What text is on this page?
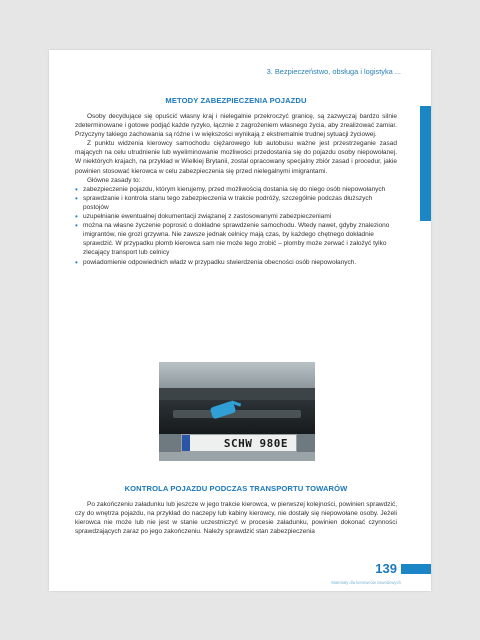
3. Bezpieczeństwo, obsługa i logistyka ...
METODY ZABEZPIECZENIA POJAZDU

Osoby decydujące się opuścić własny kraj i nielegalnie przekroczyć granicę, są zazwyczaj bardzo silnie zdeterminowane i gotowe podjąć każde ryzyko, łącznie z zagrożeniem własnego życia, aby zrealizować zamiar. Przyczyny takiego zachowania są różne i w większości wynikają z ekstremalnie trudnej sytuacji życiowej.

Z punktu widzenia kierowcy samochodu ciężarowego lub autobusu ważne jest przestrzeganie zasad mających na celu utrudnienie lub wyeliminowanie możliwości przedostania się do pojazdu osoby niepowołanej. W niektórych krajach, na przykład w Wielkiej Brytanii, został opracowany specjalny zbiór zasad i procedur, jakie powinien stosować kierowca w celu zabezpieczenia się przed nielegalnymi imigrantami.

Główne zasady to:

• zabezpieczenie pojazdu, którym kierujemy, przed możliwością dostania się do niego osób niepowołanych
• sprawdzanie i kontrola stanu tego zabezpieczenia w trakcie podróży, szczególnie podczas dłuższych postojów
• uzupełnianie ewentualnej dokumentacji związanej z zastosowanymi zabezpieczeniami
• można na własne życzenie poprosić o dokładne sprawdzenie samochodu. Wtedy nawet, gdyby znaleziono imigrantów, nie grozi grzywna. Nie zawsze jednak celnicy mają czas, by każdego chętnego dokładnie sprawdzić. W przypadku plomb kierowca sam nie może tego zrobić – plomby może zerwać i założyć tylko zlecający transport lub celnicy
• powiadomienie odpowiednich władz w przypadku stwierdzenia obecności osób niepowołanych.
SCHW 980E
KONTROLA POJAZDU PODCZAS TRANSPORTU TOWARÓW

Po zakończeniu załadunku lub jeszcze w jego trakcie kierowca, w pierwszej kolejności, powinien sprawdzić, czy do wnętrza pojazdu, na przykład do naczepy lub kabiny kierowcy, nie dostały się niepowołane osoby. Jeżeli kierowca nie może lub nie jest w stanie uczestniczyć w procesie załadunku, powinien dokonać czynności sprawdzających zaraz po jego zakończeniu. Należy sprawdzić stan zabezpieczenia

139
Materiały dla kierowców zawodowych
